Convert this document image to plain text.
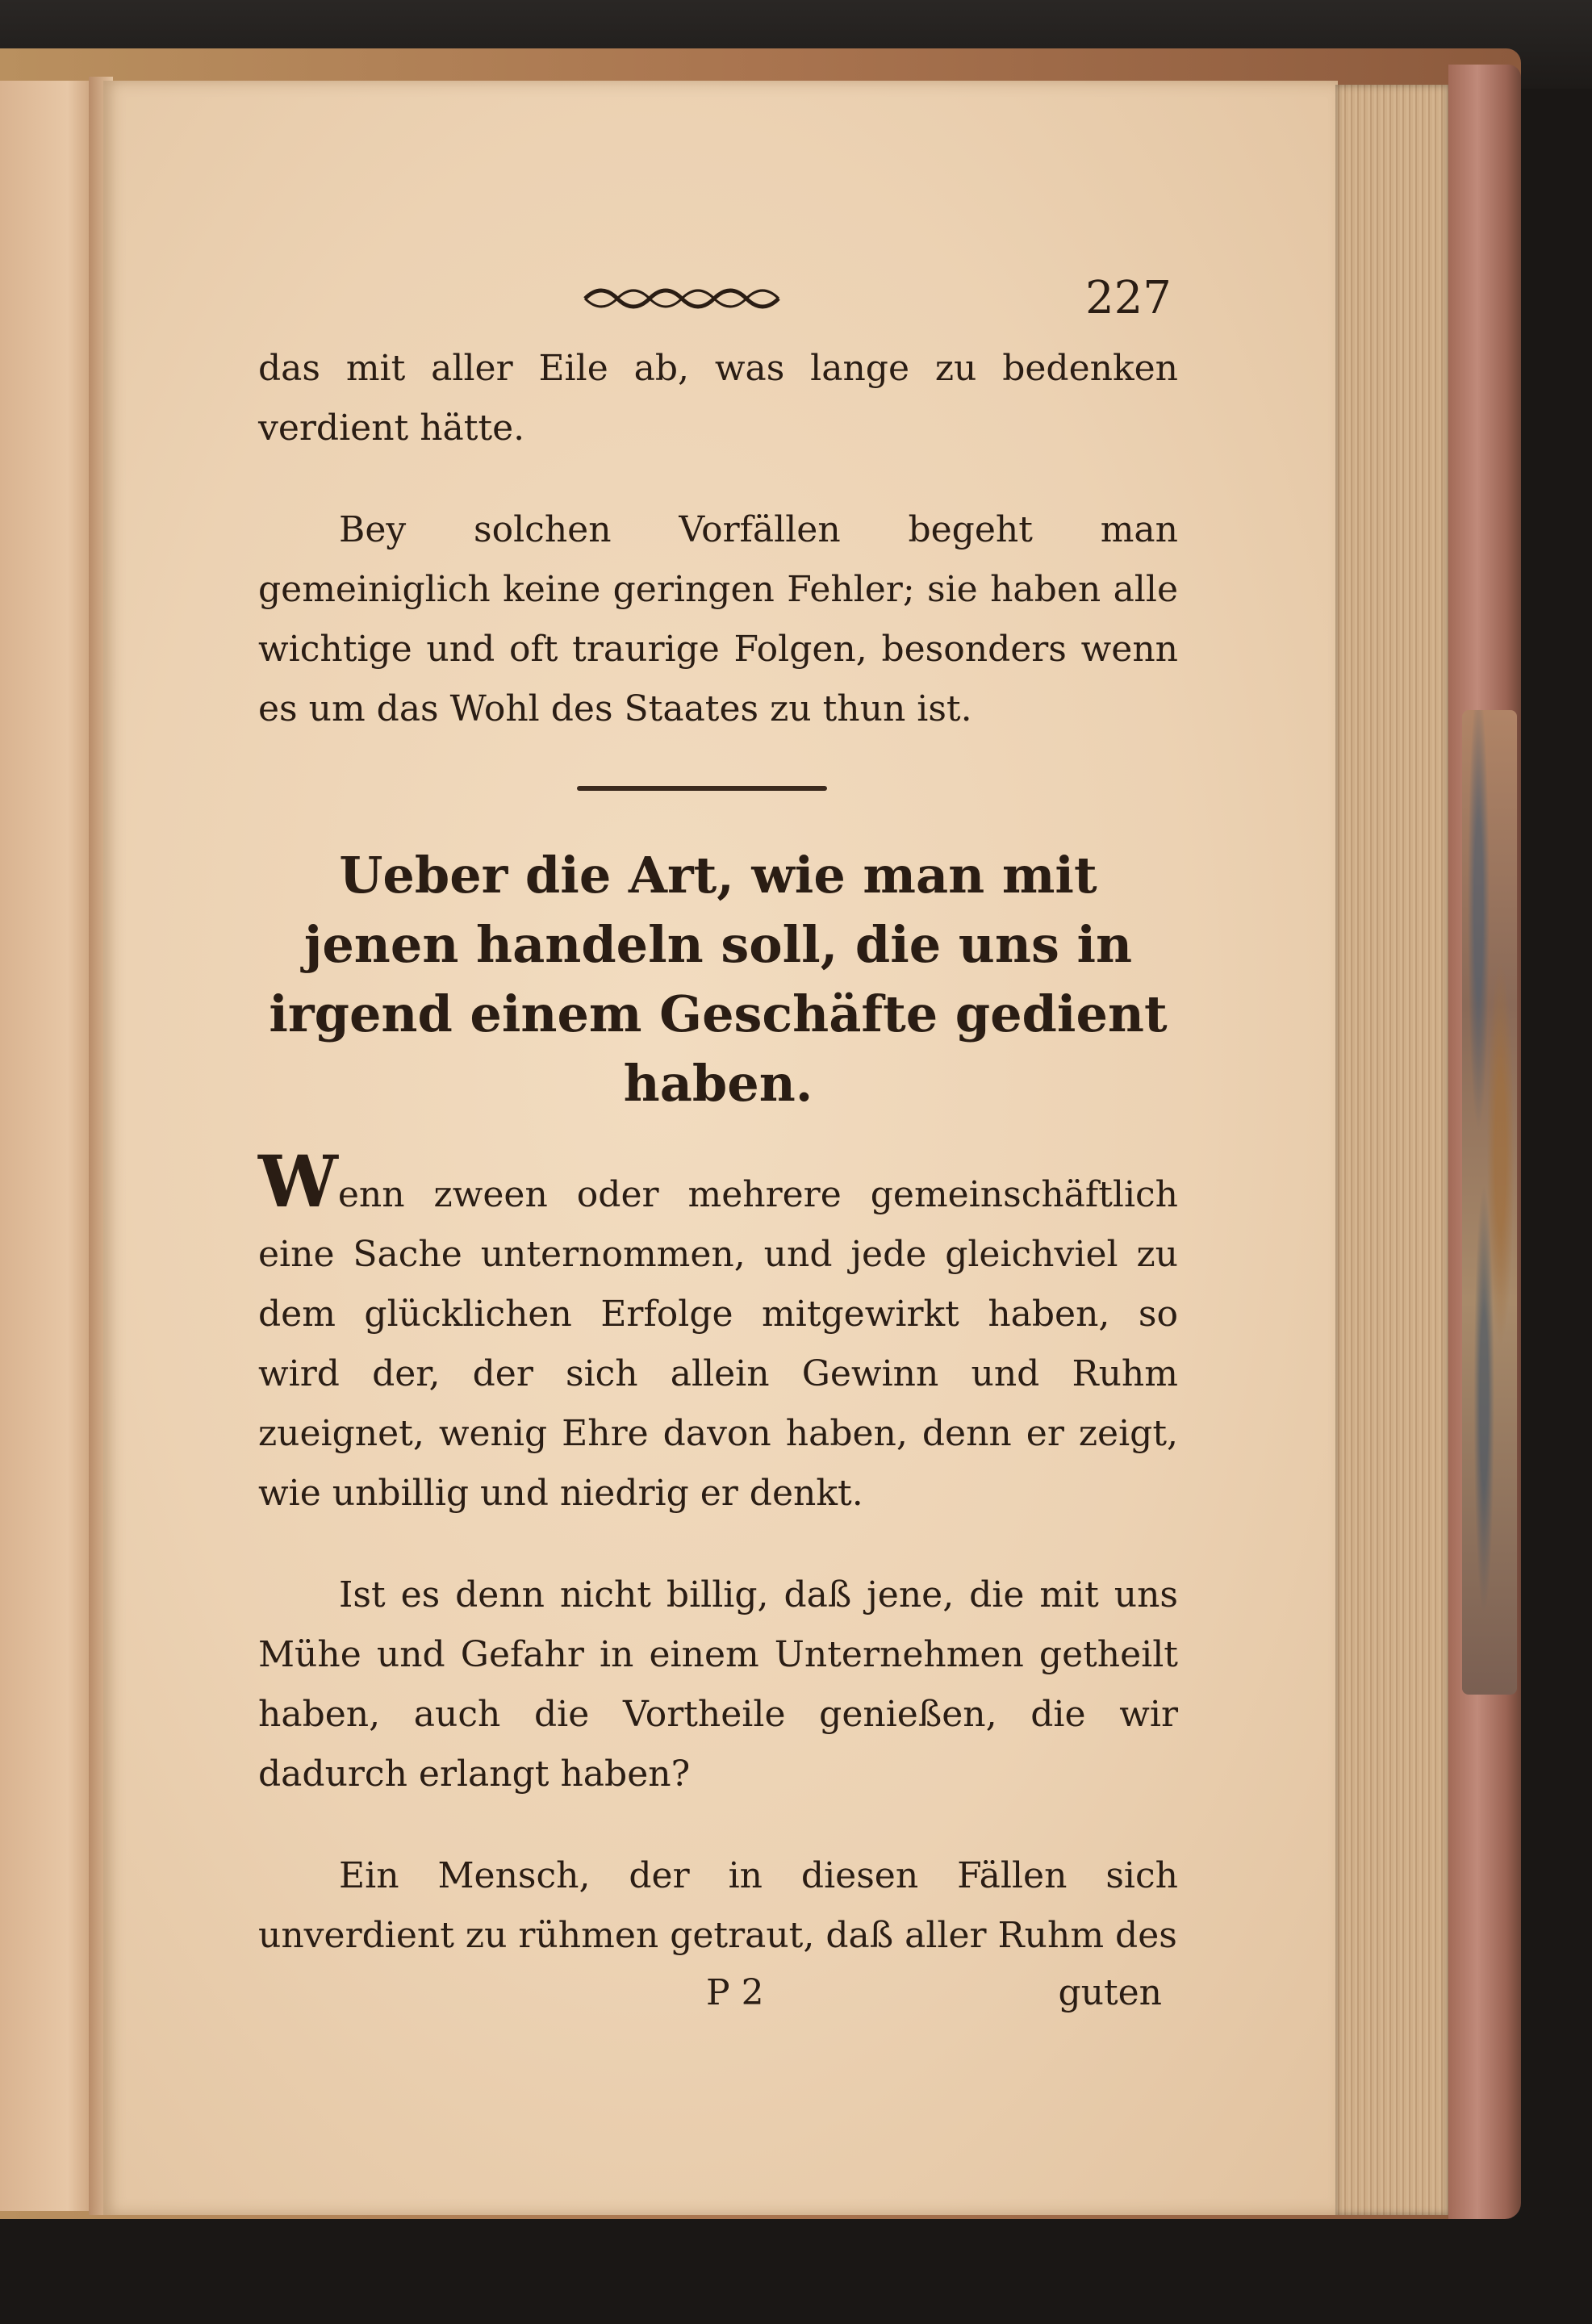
227

das mit aller Eile ab, was lange zu bedenken verdient hätte.

Bey solchen Vorfällen begeht man gemeiniglich keine geringen Fehler; sie haben alle wichtige und oft traurige Folgen, besonders wenn es um das Wohl des Staates zu thun ist.

Ueber die Art, wie man mit jenen handeln soll, die uns in irgend einem Geschäfte gedient haben.

Wenn zween oder mehrere gemeinschäftlich eine Sache unternommen, und jede gleichviel zu dem glücklichen Erfolge mitgewirkt haben, so wird der, der sich allein Gewinn und Ruhm zueignet, wenig Ehre davon haben, denn er zeigt, wie unbillig und niedrig er denkt.

Ist es denn nicht billig, daß jene, die mit uns Mühe und Gefahr in einem Unternehmen getheilt haben, auch die Vortheile genießen, die wir dadurch erlangt haben?

Ein Mensch, der in diesen Fällen sich unverdient zu rühmen getraut, daß aller Ruhm des

P 2	guten
